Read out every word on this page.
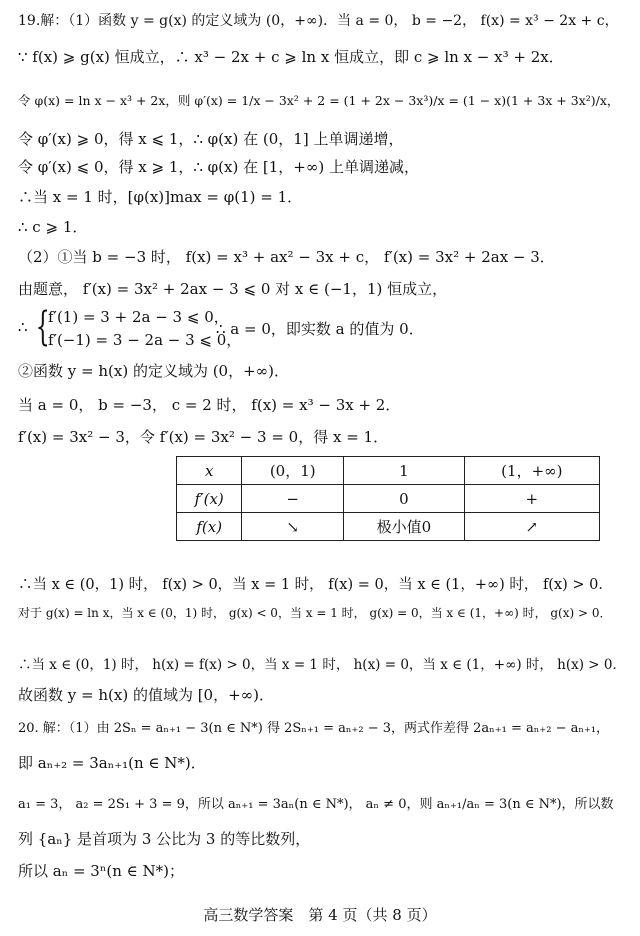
19.解：（1）函数 y = g(x) 的定义域为 (0，+∞)．当 a = 0， b = −2， f(x) = x³ − 2x + c，
∵ f(x) ⩾ g(x) 恒成立，∴ x³ − 2x + c ⩾ ln x 恒成立，即 c ⩾ ln x − x³ + 2x．
令 φ(x) = ln x − x³ + 2x，则 φ′(x) = 1/x − 3x² + 2 = (1 + 2x − 3x³)/x = (1 − x)(1 + 3x + 3x²)/x，
令 φ′(x) ⩾ 0，得 x ⩽ 1，∴ φ(x) 在 (0，1] 上单调递增，
令 φ′(x) ⩽ 0，得 x ⩾ 1，∴ φ(x) 在 [1，+∞) 上单调递减，
∴当 x = 1 时，[φ(x)]max = φ(1) = 1．
∴ c ⩾ 1．
（2）①当 b = −3 时， f(x) = x³ + ax² − 3x + c， f′(x) = 3x² + 2ax − 3．
由题意， f′(x) = 3x² + 2ax − 3 ⩽ 0 对 x ∈ (−1，1) 恒成立，
∴ {
f′(1) = 3 + 2a − 3 ⩽ 0，
f′(−1) = 3 − 2a − 3 ⩽ 0，
∴ a = 0，即实数 a 的值为 0．
②函数 y = h(x) 的定义域为 (0，+∞)．
当 a = 0， b = −3， c = 2 时， f(x) = x³ − 3x + 2．
f′(x) = 3x² − 3，令 f′(x) = 3x² − 3 = 0，得 x = 1．
x	(0，1)	1	(1，+∞)
f′(x)	−	0	+
f(x)	↘	极小值0	↗
∴当 x ∈ (0，1) 时， f(x) > 0，当 x = 1 时， f(x) = 0，当 x ∈ (1，+∞) 时， f(x) > 0．
对于 g(x) = ln x，当 x ∈ (0，1) 时， g(x) < 0，当 x = 1 时， g(x) = 0，当 x ∈ (1，+∞) 时， g(x) > 0．
∴当 x ∈ (0，1) 时， h(x) = f(x) > 0，当 x = 1 时， h(x) = 0，当 x ∈ (1，+∞) 时， h(x) > 0．
故函数 y = h(x) 的值域为 [0，+∞)．
20. 解：（1）由 2Sₙ = aₙ₊₁ − 3(n ∈ N*) 得 2Sₙ₊₁ = aₙ₊₂ − 3，两式作差得 2aₙ₊₁ = aₙ₊₂ − aₙ₊₁，
即 aₙ₊₂ = 3aₙ₊₁(n ∈ N*)．
a₁ = 3， a₂ = 2S₁ + 3 = 9，所以 aₙ₊₁ = 3aₙ(n ∈ N*)， aₙ ≠ 0，则 aₙ₊₁/aₙ = 3(n ∈ N*)，所以数
列 {aₙ} 是首项为 3 公比为 3 的等比数列，
所以 aₙ = 3ⁿ(n ∈ N*)；
高三数学答案　第 4 页（共 8 页）
